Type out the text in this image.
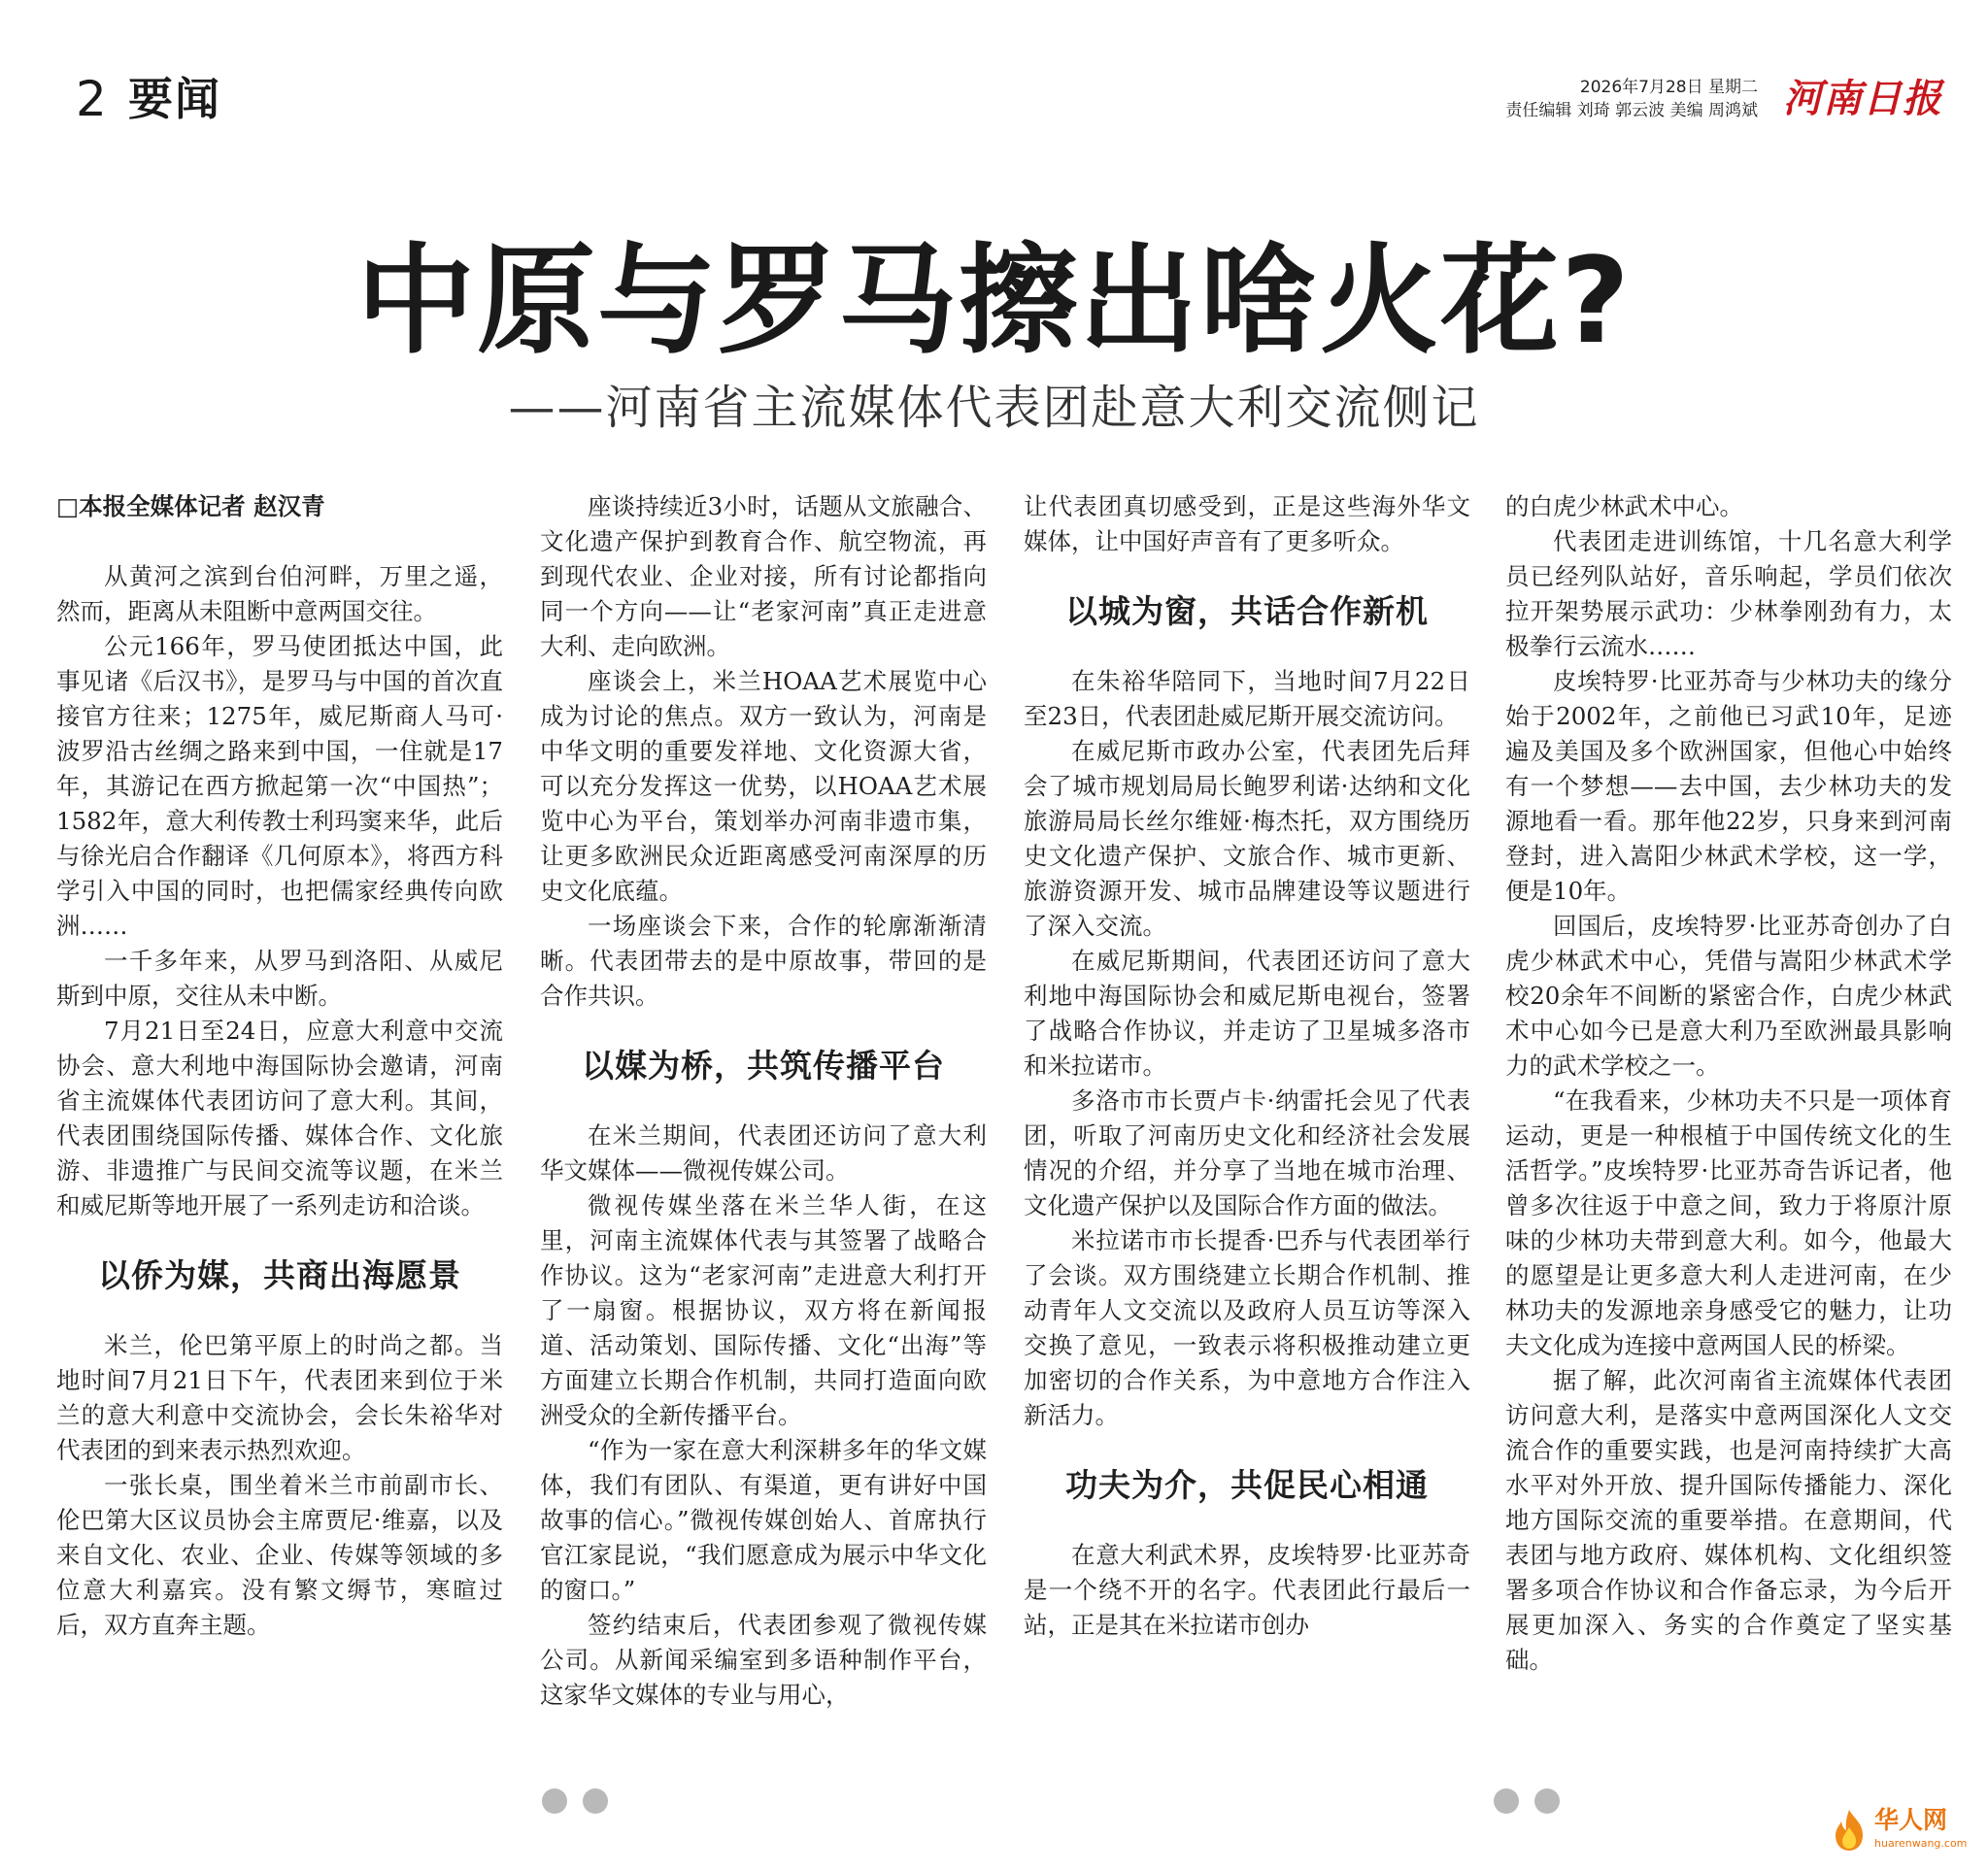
2 要闻	2026年7月28日 星期二
责任编辑 刘琦 郭云波 美编 周鸿斌 河南日报
中原与罗马擦出啥火花?
——河南省主流媒体代表团赴意大利交流侧记
□本报全媒体记者 赵汉青

从黄河之滨到台伯河畔，万里之遥，然而，距离从未阻断中意两国交往。

公元166年，罗马使团抵达中国，此事见诸《后汉书》，是罗马与中国的首次直接官方往来；1275年，威尼斯商人马可·波罗沿古丝绸之路来到中国，一住就是17年，其游记在西方掀起第一次“中国热”；1582年，意大利传教士利玛窦来华，此后与徐光启合作翻译《几何原本》，将西方科学引入中国的同时，也把儒家经典传向欧洲……

一千多年来，从罗马到洛阳、从威尼斯到中原，交往从未中断。

7月21日至24日，应意大利意中交流协会、意大利地中海国际协会邀请，河南省主流媒体代表团访问了意大利。其间，代表团围绕国际传播、媒体合作、文化旅游、非遗推广与民间交流等议题，在米兰和威尼斯等地开展了一系列走访和洽谈。

以侨为媒，共商出海愿景

米兰，伦巴第平原上的时尚之都。当地时间7月21日下午，代表团来到位于米兰的意大利意中交流协会，会长朱裕华对代表团的到来表示热烈欢迎。

一张长桌，围坐着米兰市前副市长、伦巴第大区议员协会主席贾尼·维嘉，以及来自文化、农业、企业、传媒等领域的多位意大利嘉宾。没有繁文缛节，寒暄过后，双方直奔主题。

座谈持续近3小时，话题从文旅融合、文化遗产保护到教育合作、航空物流，再到现代农业、企业对接，所有讨论都指向同一个方向——让“老家河南”真正走进意大利、走向欧洲。

座谈会上，米兰HOAA艺术展览中心成为讨论的焦点。双方一致认为，河南是中华文明的重要发祥地、文化资源大省，可以充分发挥这一优势，以HOAA艺术展览中心为平台，策划举办河南非遗市集，让更多欧洲民众近距离感受河南深厚的历史文化底蕴。

一场座谈会下来，合作的轮廓渐渐清晰。代表团带去的是中原故事，带回的是合作共识。

以媒为桥，共筑传播平台

在米兰期间，代表团还访问了意大利华文媒体——微视传媒公司。

微视传媒坐落在米兰华人街，在这里，河南主流媒体代表与其签署了战略合作协议。这为“老家河南”走进意大利打开了一扇窗。根据协议，双方将在新闻报道、活动策划、国际传播、文化“出海”等方面建立长期合作机制，共同打造面向欧洲受众的全新传播平台。

“作为一家在意大利深耕多年的华文媒体，我们有团队、有渠道，更有讲好中国故事的信心。”微视传媒创始人、首席执行官江家昆说，“我们愿意成为展示中华文化的窗口。”

签约结束后，代表团参观了微视传媒公司。从新闻采编室到多语种制作平台，这家华文媒体的专业与用心，

让代表团真切感受到，正是这些海外华文媒体，让中国好声音有了更多听众。

以城为窗，共话合作新机

在朱裕华陪同下，当地时间7月22日至23日，代表团赴威尼斯开展交流访问。

在威尼斯市政办公室，代表团先后拜会了城市规划局局长鲍罗利诺·达纳和文化旅游局局长丝尔维娅·梅杰托，双方围绕历史文化遗产保护、文旅合作、城市更新、旅游资源开发、城市品牌建设等议题进行了深入交流。

在威尼斯期间，代表团还访问了意大利地中海国际协会和威尼斯电视台，签署了战略合作协议，并走访了卫星城多洛市和米拉诺市。

多洛市市长贾卢卡·纳雷托会见了代表团，听取了河南历史文化和经济社会发展情况的介绍，并分享了当地在城市治理、文化遗产保护以及国际合作方面的做法。

米拉诺市市长提香·巴乔与代表团举行了会谈。双方围绕建立长期合作机制、推动青年人文交流以及政府人员互访等深入交换了意见，一致表示将积极推动建立更加密切的合作关系，为中意地方合作注入新活力。

功夫为介，共促民心相通

在意大利武术界，皮埃特罗·比亚苏奇是一个绕不开的名字。代表团此行最后一站，正是其在米拉诺市创办

的白虎少林武术中心。

代表团走进训练馆，十几名意大利学员已经列队站好，音乐响起，学员们依次拉开架势展示武功：少林拳刚劲有力，太极拳行云流水……

皮埃特罗·比亚苏奇与少林功夫的缘分始于2002年，之前他已习武10年，足迹遍及美国及多个欧洲国家，但他心中始终有一个梦想——去中国，去少林功夫的发源地看一看。那年他22岁，只身来到河南登封，进入嵩阳少林武术学校，这一学，便是10年。

回国后，皮埃特罗·比亚苏奇创办了白虎少林武术中心，凭借与嵩阳少林武术学校20余年不间断的紧密合作，白虎少林武术中心如今已是意大利乃至欧洲最具影响力的武术学校之一。

“在我看来，少林功夫不只是一项体育运动，更是一种根植于中国传统文化的生活哲学。”皮埃特罗·比亚苏奇告诉记者，他曾多次往返于中意之间，致力于将原汁原味的少林功夫带到意大利。如今，他最大的愿望是让更多意大利人走进河南，在少林功夫的发源地亲身感受它的魅力，让功夫文化成为连接中意两国人民的桥梁。

据了解，此次河南省主流媒体代表团访问意大利，是落实中意两国深化人文交流合作的重要实践，也是河南持续扩大高水平对外开放、提升国际传播能力、深化地方国际交流的重要举措。在意期间，代表团与地方政府、媒体机构、文化组织签署多项合作协议和合作备忘录，为今后开展更加深入、务实的合作奠定了坚实基础。

华人网
huarenwang.com
